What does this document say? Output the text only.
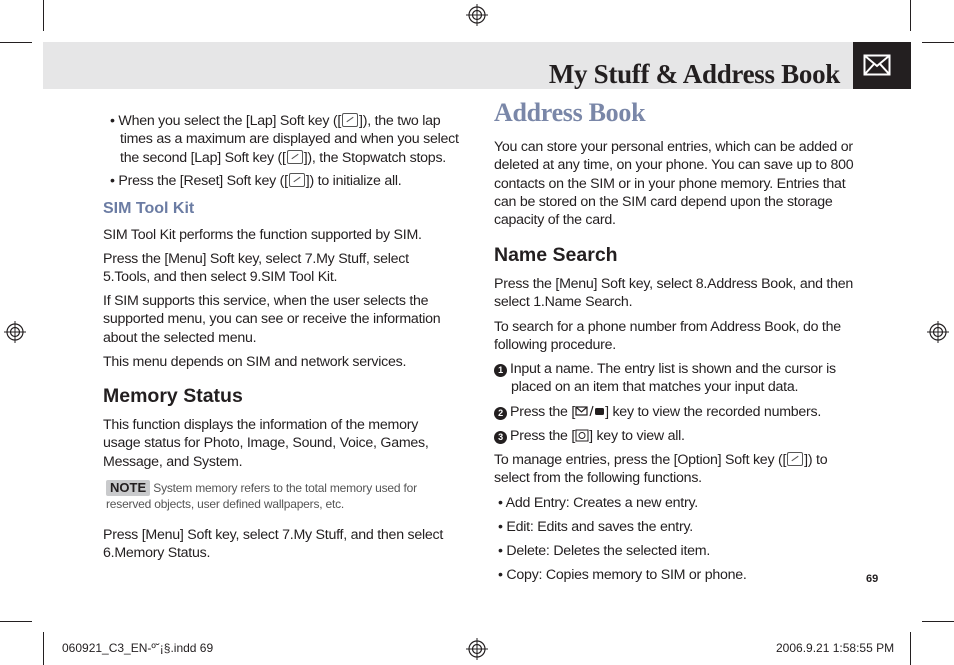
My Stuff & Address Book

• When you select the [Lap] Soft key ([ ]), the two lap times as a maximum are displayed and when you select the second [Lap] Soft key ([ ]), the Stopwatch stops.

• Press the [Reset] Soft key ([ ]) to initialize all.

SIM Tool Kit

SIM Tool Kit performs the function supported by SIM.

Press the [Menu] Soft key, select 7.My Stuff, select 5.Tools, and then select 9.SIM Tool Kit.

If SIM supports this service, when the user selects the supported menu, you can see or receive the information about the selected menu.

This menu depends on SIM and network services.

Memory Status

This function displays the information of the memory usage status for Photo, Image, Sound, Voice, Games, Message, and System.

NOTE System memory refers to the total memory used for reserved objects, user defined wallpapers, etc.

Press [Menu] Soft key, select 7.My Stuff, and then select 6.Memory Status.

Address Book

You can store your personal entries, which can be added or deleted at any time, on your phone. You can save up to 800 contacts on the SIM or in your phone memory. Entries that can be stored on the SIM card depend upon the storage capacity of the card.

Name Search

Press the [Menu] Soft key, select 8.Address Book, and then select 1.Name Search.

To search for a phone number from Address Book, do the following procedure.

1 Input a name. The entry list is shown and the cursor is placed on an item that matches your input data.

2 Press the [ ] key to view the recorded numbers.

3 Press the [ ] key to view all.

To manage entries, press the [Option] Soft key ([ ]) to select from the following functions.

• Add Entry: Creates a new entry.

• Edit: Edits and saves the entry.

• Delete: Deletes the selected item.

• Copy: Copies memory to SIM or phone.	69
060921_C3_EN-º˘¡§.indd 69	2006.9.21 1:58:55 PM
